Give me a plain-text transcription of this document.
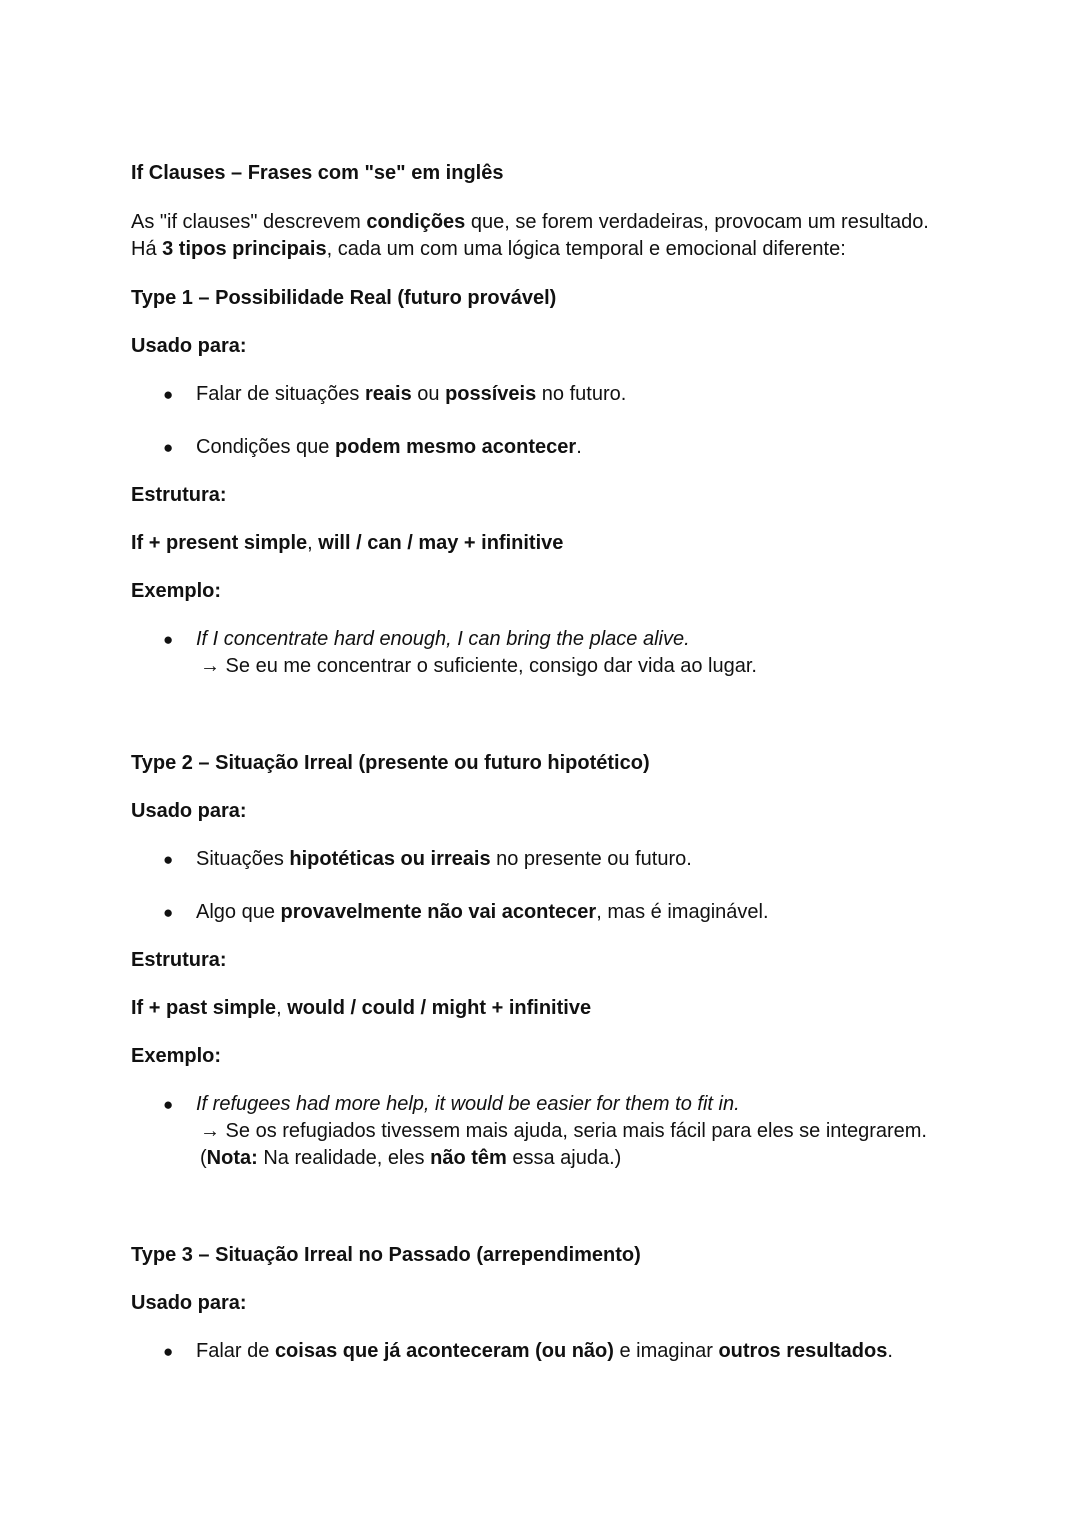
If Clauses – Frases com "se" em inglês

As "if clauses" descrevem condições que, se forem verdadeiras, provocam um resultado.

Há 3 tipos principais, cada um com uma lógica temporal e emocional diferente:

Type 1 – Possibilidade Real (futuro provável)

Usado para:

● Falar de situações reais ou possíveis no futuro.
● Condições que podem mesmo acontecer.

Estrutura:

If + present simple, will / can / may + infinitive

Exemplo:

● If I concentrate hard enough, I can bring the place alive.

→ Se eu me concentrar o suficiente, consigo dar vida ao lugar.

Type 2 – Situação Irreal (presente ou futuro hipotético)

Usado para:

● Situações hipotéticas ou irreais no presente ou futuro.
● Algo que provavelmente não vai acontecer, mas é imaginável.

Estrutura:

If + past simple, would / could / might + infinitive

Exemplo:

● If refugees had more help, it would be easier for them to fit in.

→ Se os refugiados tivessem mais ajuda, seria mais fácil para eles se integrarem.

(Nota: Na realidade, eles não têm essa ajuda.)

Type 3 – Situação Irreal no Passado (arrependimento)

Usado para:

● Falar de coisas que já aconteceram (ou não) e imaginar outros resultados.
